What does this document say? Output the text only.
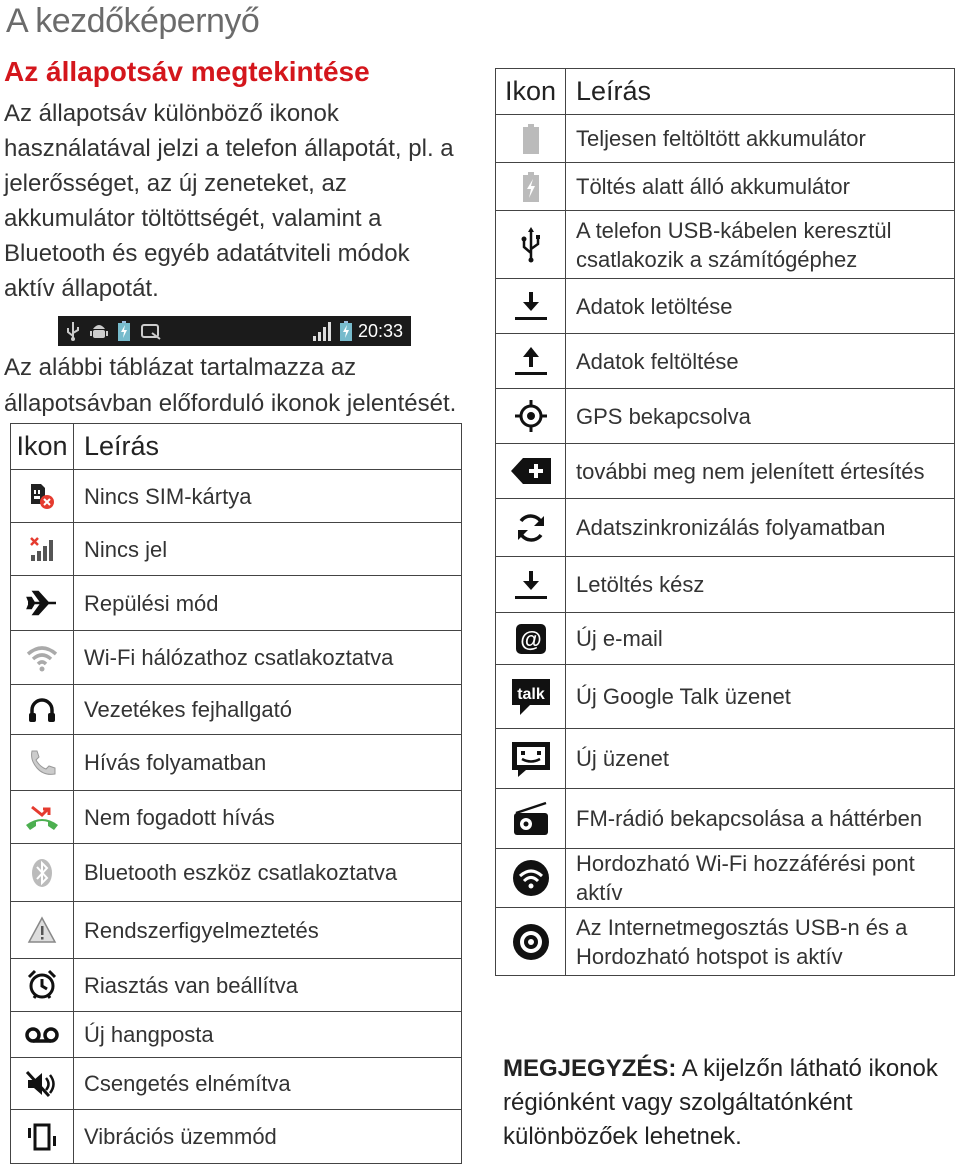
A kezdőképernyő
Az állapotsáv megtekintése
Az állapotsáv különböző ikonok használatával jelzi a telefon állapotát, pl. a jelerősséget, az új zeneteket, az akkumulátor töltöttségét, valamint a Bluetooth és egyéb adatátviteli módok aktív állapotát.
20:33
Az alábbi táblázat tartalmazza az állapotsávban előforduló ikonok jelentését.
Ikon	Leírás
	Nincs SIM-kártya
	Nincs jel
	Repülési mód
	Wi-Fi hálózathoz csatlakoztatva
	Vezetékes fejhallgató
	Hívás folyamatban
	Nem fogadott hívás
	Bluetooth eszköz csatlakoztatva
	Rendszerfigyelmeztetés
	Riasztás van beállítva
	Új hangposta
	Csengetés elnémítva
	Vibrációs üzemmód
Ikon	Leírás
	Teljesen feltöltött akkumulátor
	Töltés alatt álló akkumulátor
	A telefon USB-kábelen keresztül csatlakozik a számítógéphez
	Adatok letöltése
	Adatok feltöltése
	GPS bekapcsolva
	további meg nem jelenített értesítés
	Adatszinkronizálás folyamatban
	Letöltés kész

@	Új e-mail

talk	Új Google Talk üzenet
	Új üzenet
	FM-rádió bekapcsolása a háttérben
	Hordozható Wi-Fi hozzáférési pont aktív
	Az Internetmegosztás USB-n és a Hordozható hotspot is aktív
MEGJEGYZÉS: A kijelzőn látható ikonok régiónként vagy szolgáltatónként különbözőek lehetnek.
